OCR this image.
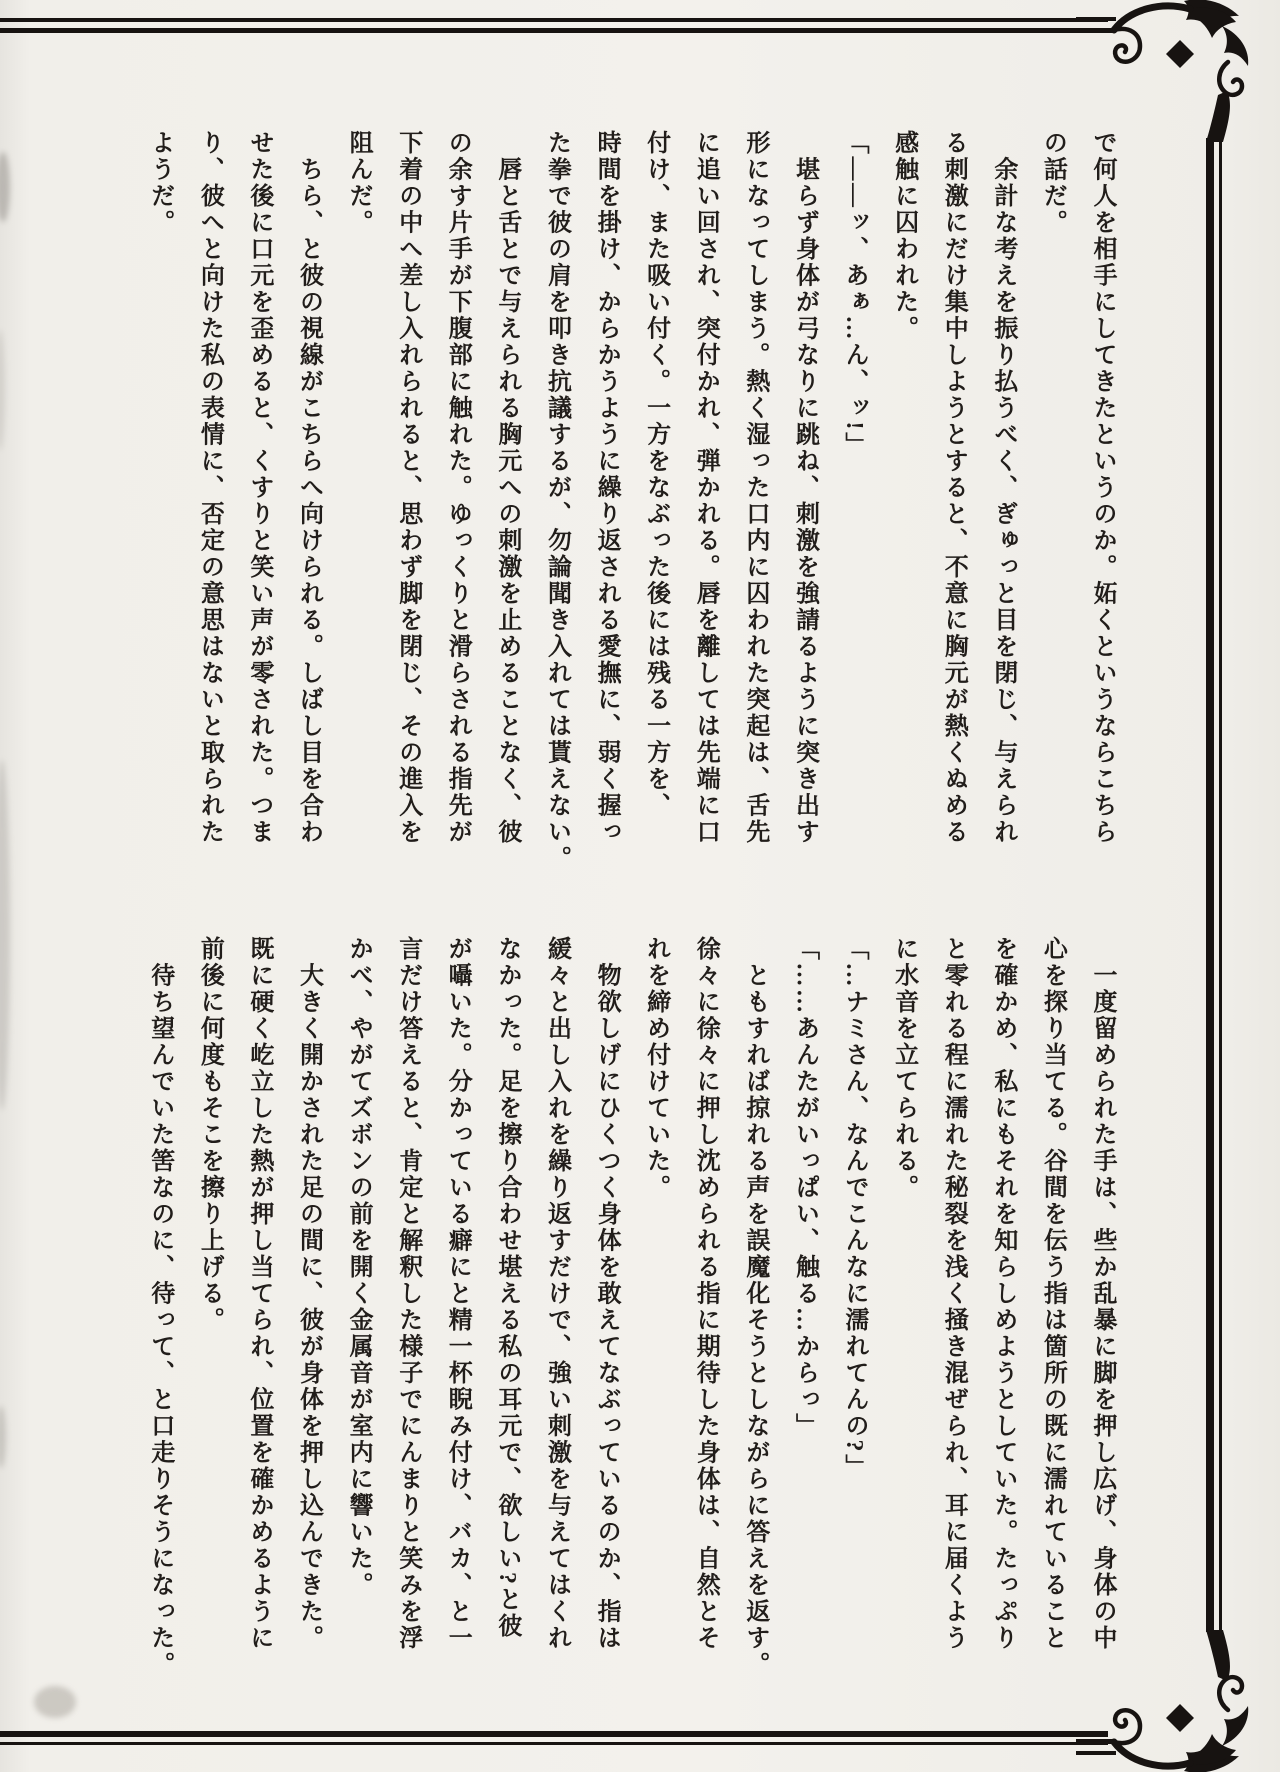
で何人を相手にしてきたというのか。妬くというならこちら

の話だ。

　余計な考えを振り払うべく、ぎゅっと目を閉じ、与えられ

る刺激にだけ集中しようとすると、不意に胸元が熱くぬめる

感触に囚われた。

「――ッ、あぁ…ん、ッ!」

　堪らず身体が弓なりに跳ね、刺激を強請るように突き出す

形になってしまう。熱く湿った口内に囚われた突起は、舌先

に追い回され、突付かれ、弾かれる。唇を離しては先端に口

付け、また吸い付く。一方をなぶった後には残る一方を、

時間を掛け、からかうように繰り返される愛撫に、弱く握っ

た拳で彼の肩を叩き抗議するが、勿論聞き入れては貰えない。

　唇と舌とで与えられる胸元への刺激を止めることなく、彼

の余す片手が下腹部に触れた。ゆっくりと滑らされる指先が

下着の中へ差し入れられると、思わず脚を閉じ、その進入を

阻んだ。

　ちら、と彼の視線がこちらへ向けられる。しばし目を合わ

せた後に口元を歪めると、くすりと笑い声が零された。つま

り、彼へと向けた私の表情に、否定の意思はないと取られた

ようだ。

　一度留められた手は、些か乱暴に脚を押し広げ、身体の中

心を探り当てる。谷間を伝う指は箇所の既に濡れていること

を確かめ、私にもそれを知らしめようとしていた。たっぷり

と零れる程に濡れた秘裂を浅く掻き混ぜられ、耳に届くよう

に水音を立てられる。

「…ナミさん、なんでこんなに濡れてんの?」

「……あんたがいっぱい、触る…からっ」

　ともすれば掠れる声を誤魔化そうとしながらに答えを返す。

徐々に徐々に押し沈められる指に期待した身体は、自然とそ

れを締め付けていた。

　物欲しげにひくつく身体を敢えてなぶっているのか、指は

緩々と出し入れを繰り返すだけで、強い刺激を与えてはくれ

なかった。足を擦り合わせ堪える私の耳元で、欲しい?と彼

が囁いた。分かっている癖にと精一杯睨み付け、バカ、と一

言だけ答えると、肯定と解釈した様子でにんまりと笑みを浮

かべ、やがてズボンの前を開く金属音が室内に響いた。

　大きく開かされた足の間に、彼が身体を押し込んできた。

既に硬く屹立した熱が押し当てられ、位置を確かめるように

前後に何度もそこを擦り上げる。

　待ち望んでいた筈なのに、待って、と口走りそうになった。
